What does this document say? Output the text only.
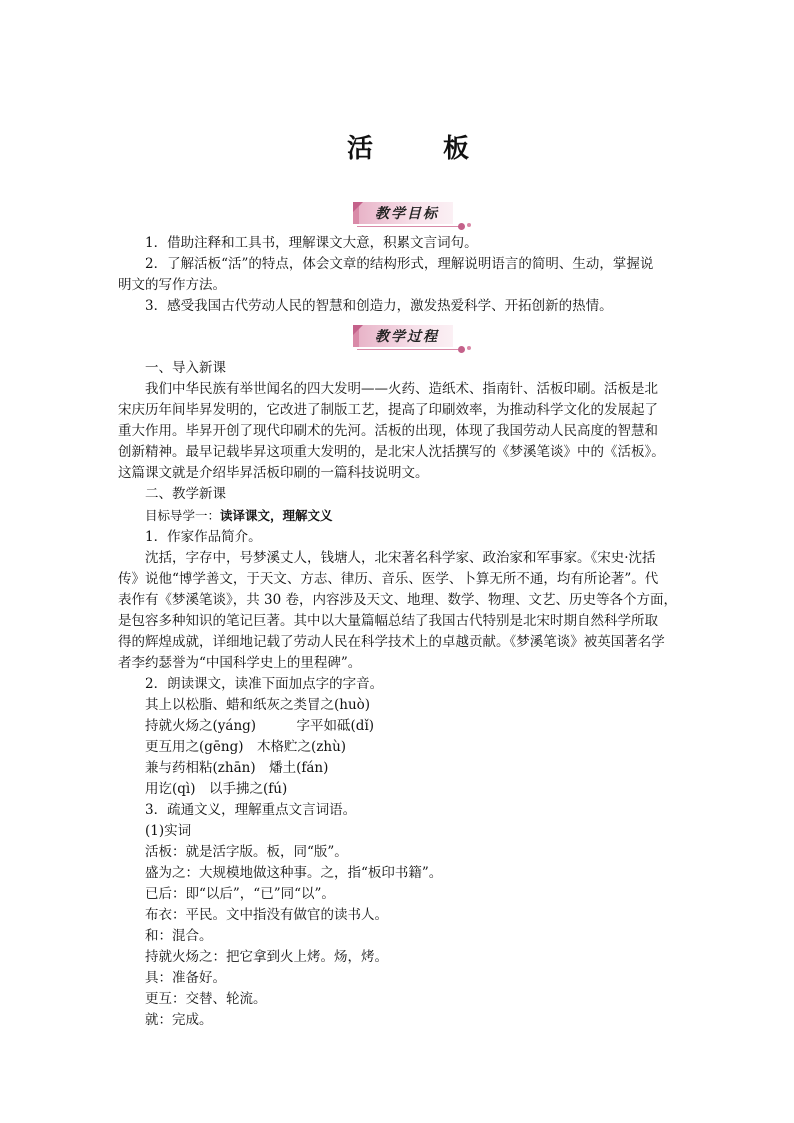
活　板
教学目标

1．借助注释和工具书，理解课文大意，积累文言词句。

2．了解活板“活”的特点，体会文章的结构形式，理解说明语言的简明、生动，掌握说

明文的写作方法。

3．感受我国古代劳动人民的智慧和创造力，激发热爱科学、开拓创新的热情。

教学过程

一、导入新课

我们中华民族有举世闻名的四大发明——火药、造纸术、指南针、活板印刷。活板是北

宋庆历年间毕昇发明的，它改进了制版工艺，提高了印刷效率，为推动科学文化的发展起了

重大作用。毕昇开创了现代印刷术的先河。活板的出现，体现了我国劳动人民高度的智慧和

创新精神。最早记载毕昇这项重大发明的，是北宋人沈括撰写的《梦溪笔谈》中的《活板》。

这篇课文就是介绍毕昇活板印刷的一篇科技说明文。

二、教学新课

目标导学一：读译课文，理解文义

1．作家作品简介。

沈括，字存中，号梦溪丈人，钱塘人，北宋著名科学家、政治家和军事家。《宋史·沈括

传》说他“博学善文，于天文、方志、律历、音乐、医学、卜算无所不通，均有所论著”。代

表作有《梦溪笔谈》，共 30 卷，内容涉及天文、地理、数学、物理、文艺、历史等各个方面，

是包容多种知识的笔记巨著。其中以大量篇幅总结了我国古代特别是北宋时期自然科学所取

得的辉煌成就，详细地记载了劳动人民在科学技术上的卓越贡献。《梦溪笔谈》被英国著名学

者李约瑟誉为“中国科学史上的里程碑”。

2．朗读课文，读准下面加点字的字音。

其上以松脂、蜡和纸灰之类冒之(huò)

持就火炀之(yáng)　　　字平如砥(dǐ)

更互用之(gēng)　木格贮之(zhù)

兼与药相粘(zhān)　燔土(fán)

用讫(qì)　以手拂之(fú)

3．疏通文义，理解重点文言词语。

(1)实词

活板：就是活字版。板，同“版”。

盛为之：大规模地做这种事。之，指“板印书籍”。

已后：即“以后”，“已”同“以”。

布衣：平民。文中指没有做官的读书人。

和：混合。

持就火炀之：把它拿到火上烤。炀，烤。

具：准备好。

更互：交替、轮流。

就：完成。
